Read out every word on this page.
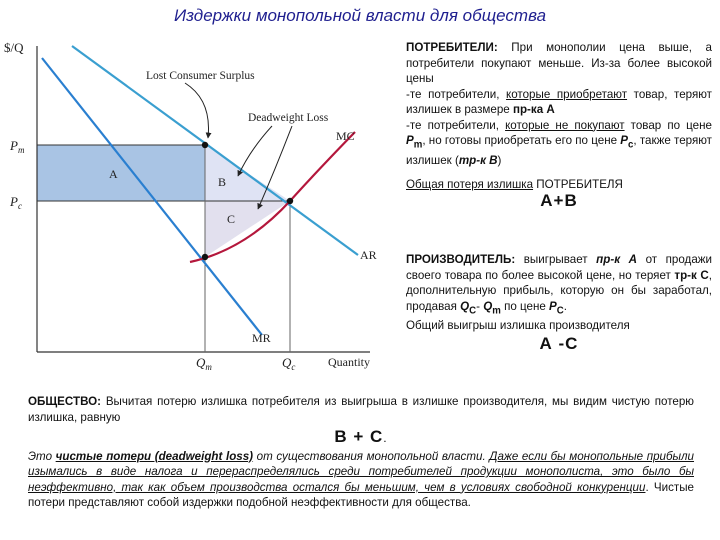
Издержки монопольной власти для общества
$/Q
Quantity
$P_m$
$P_c$
$Q_m$	$Q_c$
MC
AR
MR
Lost Consumer Surplus
Deadweight Loss
A
B
C
ПОТРЕБИТЕЛИ: При монополии цена выше, а потребители покупают меньше. Из-за более высокой цены
-те потребители, которые приобретают товар, теряют излишек в размере пр-ка А
-те потребители, которые не покупают товар по цене $P_m$, но готовы приобретать его по цене $P_c$, также теряют излишек (тр-к В)
Общая потеря излишка ПОТРЕБИТЕЛЯ
А+В
ПРОИЗВОДИТЕЛЬ: выигрывает пр-к А от продажи своего товара по более высокой цене, но теряет тр-к С, дополнительную прибыль, которую он бы заработал, продавая $Q_C-$ $Q_m$ по цене $P_C$.
Общий выигрыш излишка производителя
А -С
ОБЩЕСТВО: Вычитая потерю излишка потребителя из выигрыша в излишке производителя, мы видим чистую потерю излишка, равную
В + С.
Это чистые потери (deadweight loss) от существования монопольной власти. Даже если бы монопольные прибыли изымались в виде налога и перераспределялись среди потребителей продукции монополиста, это было бы неэффективно, так как объем производства остался бы меньшим, чем в условиях свободной конкуренции. Чистые потери представляют собой издержки подобной неэффективности для общества.
